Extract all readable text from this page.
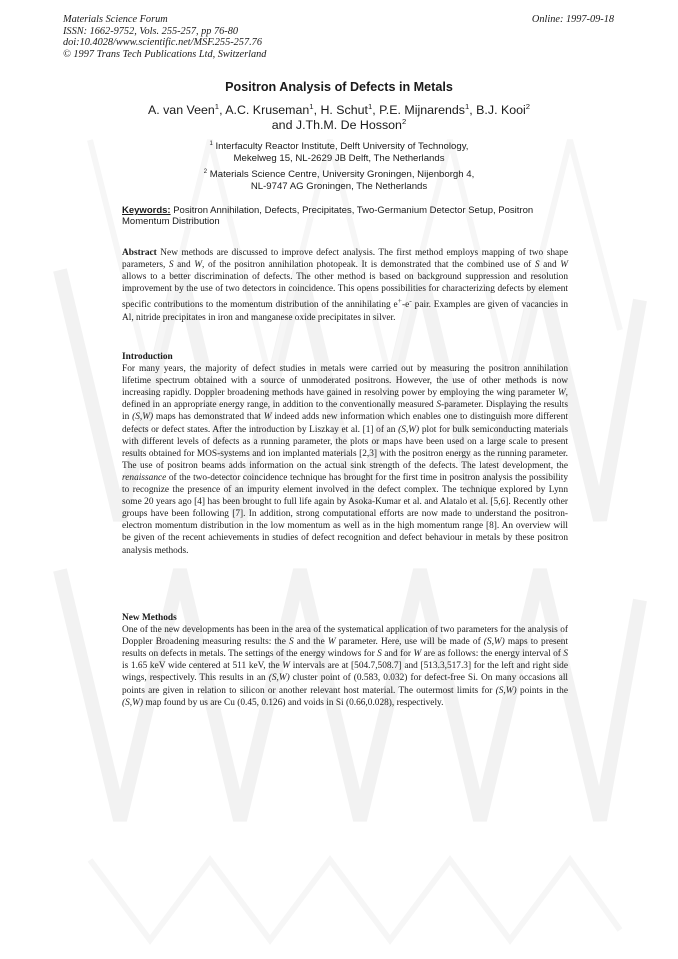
Materials Science Forum
ISSN: 1662-9752, Vols. 255-257, pp 76-80
doi:10.4028/www.scientific.net/MSF.255-257.76
© 1997 Trans Tech Publications Ltd, Switzerland
Online: 1997-09-18
Positron Analysis of Defects in Metals
A. van Veen$^1$, A.C. Kruseman$^1$, H. Schut$^1$, P.E. Mijnarends$^1$, B.J. Kooi$^2$
and J.Th.M. De Hosson$^2$
$^1$ Interfaculty Reactor Institute, Delft University of Technology,
Mekelweg 15, NL-2629 JB Delft, The Netherlands
$^2$ Materials Science Centre, University Groningen, Nijenborgh 4,
NL-9747 AG Groningen, The Netherlands
Keywords: Positron Annihilation, Defects, Precipitates, Two-Germanium Detector Setup, Positron Momentum Distribution
Abstract New methods are discussed to improve defect analysis. The first method employs mapping of two shape parameters, S and W, of the positron annihilation photopeak. It is demonstrated that the combined use of S and W allows to a better discrimination of defects. The other method is based on background suppression and resolution improvement by the use of two detectors in coincidence. This opens possibilities for characterizing defects by element specific contributions to the momentum distribution of the annihilating e+-e- pair. Examples are given of vacancies in Al, nitride precipitates in iron and manganese oxide precipitates in silver.
Introduction
For many years, the majority of defect studies in metals were carried out by measuring the positron annihilation lifetime spectrum obtained with a source of unmoderated positrons. However, the use of other methods is now increasing rapidly. Doppler broadening methods have gained in resolving power by employing the wing parameter W, defined in an appropriate energy range, in addition to the conventionally measured S-parameter. Displaying the results in (S,W) maps has demonstrated that W indeed adds new information which enables one to distinguish more different defects or defect states. After the introduction by Liszkay et al. [1] of an (S,W) plot for bulk semiconducting materials with different levels of defects as a running parameter, the plots or maps have been used on a large scale to present results obtained for MOS-systems and ion implanted materials [2,3] with the positron energy as the running parameter. The use of positron beams adds information on the actual sink strength of the defects. The latest development, the renaissance of the two-detector coincidence technique has brought for the first time in positron analysis the possibility to recognize the presence of an impurity element involved in the defect complex. The technique explored by Lynn some 20 years ago [4] has been brought to full life again by Asoka-Kumar et al. and Alatalo et al. [5,6]. Recently other groups have been following [7]. In addition, strong computational efforts are now made to understand the positron-electron momentum distribution in the low momentum as well as in the high momentum range [8]. An overview will be given of the recent achievements in studies of defect recognition and defect behaviour in metals by these positron analysis methods.
New Methods
One of the new developments has been in the area of the systematical application of two parameters for the analysis of Doppler Broadening measuring results: the S and the W parameter. Here, use will be made of (S,W) maps to present results on defects in metals. The settings of the energy windows for S and for W are as follows: the energy interval of S is 1.65 keV wide centered at 511 keV, the W intervals are at [504.7,508.7] and [513.3,517.3] for the left and right side wings, respectively. This results in an (S,W) cluster point of (0.583, 0.032) for defect-free Si. On many occasions all points are given in relation to silicon or another relevant host material. The outermost limits for (S,W) points in the (S,W) map found by us are Cu (0.45, 0.126) and voids in Si (0.66,0.028), respectively.
